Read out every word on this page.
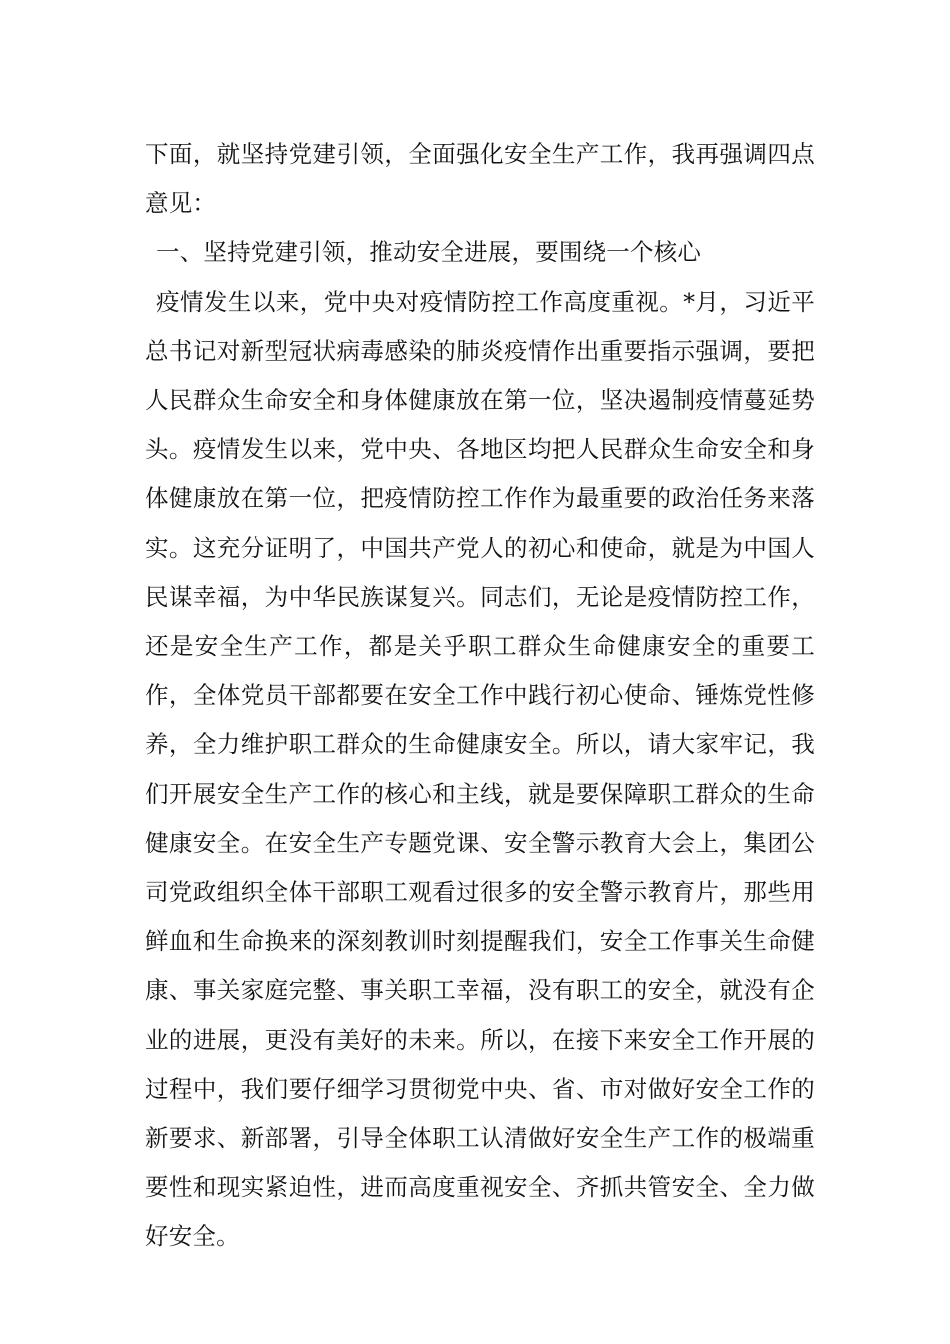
下面，就坚持党建引领，全面强化安全生产工作，我再强调四点意见：

一、坚持党建引领，推动安全进展，要围绕一个核心

疫情发生以来，党中央对疫情防控工作高度重视。*月，习近平总书记对新型冠状病毒感染的肺炎疫情作出重要指示强调，要把人民群众生命安全和身体健康放在第一位，坚决遏制疫情蔓延势头。疫情发生以来，党中央、各地区均把人民群众生命安全和身体健康放在第一位，把疫情防控工作作为最重要的政治任务来落实。这充分证明了，中国共产党人的初心和使命，就是为中国人民谋幸福，为中华民族谋复兴。同志们，无论是疫情防控工作，还是安全生产工作，都是关乎职工群众生命健康安全的重要工作，全体党员干部都要在安全工作中践行初心使命、锤炼党性修养，全力维护职工群众的生命健康安全。所以，请大家牢记，我们开展安全生产工作的核心和主线，就是要保障职工群众的生命健康安全。在安全生产专题党课、安全警示教育大会上，集团公司党政组织全体干部职工观看过很多的安全警示教育片，那些用鲜血和生命换来的深刻教训时刻提醒我们，安全工作事关生命健康、事关家庭完整、事关职工幸福，没有职工的安全，就没有企业的进展，更没有美好的未来。所以，在接下来安全工作开展的过程中，我们要仔细学习贯彻党中央、省、市对做好安全工作的新要求、新部署，引导全体职工认清做好安全生产工作的极端重要性和现实紧迫性，进而高度重视安全、齐抓共管安全、全力做好安全。
